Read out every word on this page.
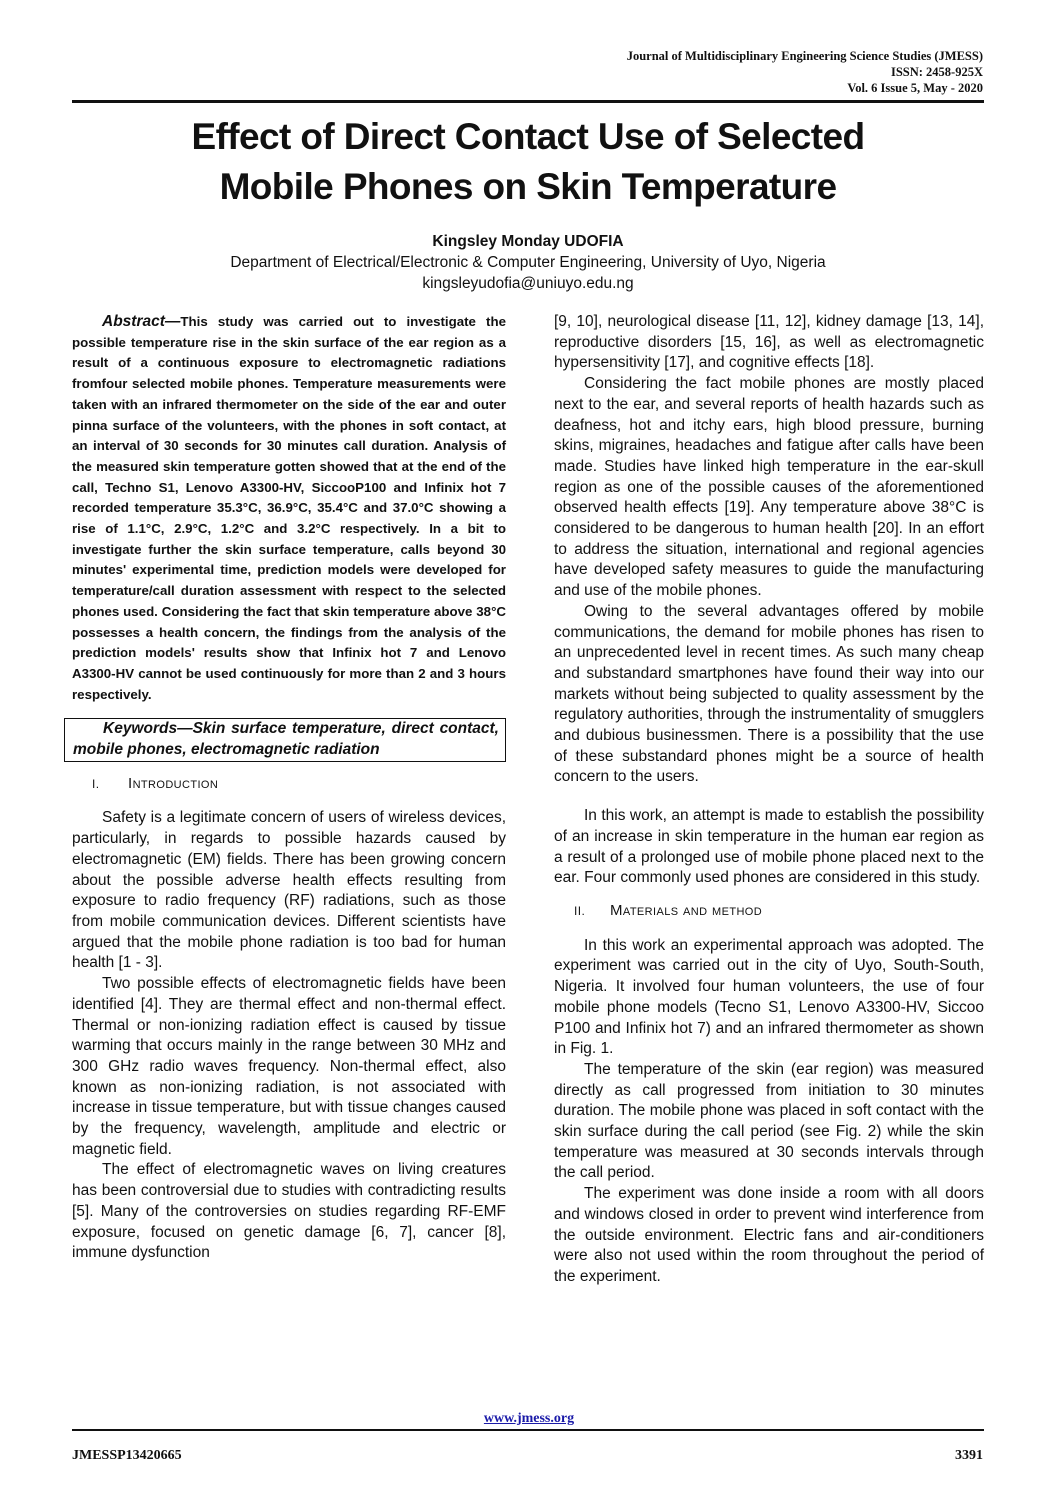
Journal of Multidisciplinary Engineering Science Studies (JMESS)
ISSN: 2458-925X
Vol. 6 Issue 5, May - 2020
Effect of Direct Contact Use of Selected
Mobile Phones on Skin Temperature
Kingsley Monday UDOFIA
Department of Electrical/Electronic & Computer Engineering, University of Uyo, Nigeria
kingsleyudofia@uniuyo.edu.ng

Abstract—This study was carried out to investigate the possible temperature rise in the skin surface of the ear region as a result of a continuous exposure to electromagnetic radiations fromfour selected mobile phones. Temperature measurements were taken with an infrared thermometer on the side of the ear and outer pinna surface of the volunteers, with the phones in soft contact, at an interval of 30 seconds for 30 minutes call duration. Analysis of the measured skin temperature gotten showed that at the end of the call, Techno S1, Lenovo A3300-HV, SiccooP100 and Infinix hot 7 recorded temperature 35.3°C, 36.9°C, 35.4°C and 37.0°C showing a rise of 1.1°C, 2.9°C, 1.2°C and 3.2°C respectively. In a bit to investigate further the skin surface temperature, calls beyond 30 minutes' experimental time, prediction models were developed for temperature/call duration assessment with respect to the selected phones used. Considering the fact that skin temperature above 38°C possesses a health concern, the findings from the analysis of the prediction models' results show that Infinix hot 7 and Lenovo A3300-HV cannot be used continuously for more than 2 and 3 hours respectively.

Keywords—Skin surface temperature, direct contact, mobile phones, electromagnetic radiation
I. Introduction

Safety is a legitimate concern of users of wireless devices, particularly, in regards to possible hazards caused by electromagnetic (EM) fields. There has been growing concern about the possible adverse health effects resulting from exposure to radio frequency (RF) radiations, such as those from mobile communication devices. Different scientists have argued that the mobile phone radiation is too bad for human health [1 - 3].

Two possible effects of electromagnetic fields have been identified [4]. They are thermal effect and non-thermal effect. Thermal or non-ionizing radiation effect is caused by tissue warming that occurs mainly in the range between 30 MHz and 300 GHz radio waves frequency. Non-thermal effect, also known as non-ionizing radiation, is not associated with increase in tissue temperature, but with tissue changes caused by the frequency, wavelength, amplitude and electric or magnetic field.

The effect of electromagnetic waves on living creatures has been controversial due to studies with contradicting results [5]. Many of the controversies on studies regarding RF-EMF exposure, focused on genetic damage [6, 7], cancer [8], immune dysfunction

[9, 10], neurological disease [11, 12], kidney damage [13, 14], reproductive disorders [15, 16], as well as electromagnetic hypersensitivity [17], and cognitive effects [18].

Considering the fact mobile phones are mostly placed next to the ear, and several reports of health hazards such as deafness, hot and itchy ears, high blood pressure, burning skins, migraines, headaches and fatigue after calls have been made. Studies have linked high temperature in the ear-skull region as one of the possible causes of the aforementioned observed health effects [19]. Any temperature above 38°C is considered to be dangerous to human health [20]. In an effort to address the situation, international and regional agencies have developed safety measures to guide the manufacturing and use of the mobile phones.

Owing to the several advantages offered by mobile communications, the demand for mobile phones has risen to an unprecedented level in recent times. As such many cheap and substandard smartphones have found their way into our markets without being subjected to quality assessment by the regulatory authorities, through the instrumentality of smugglers and dubious businessmen. There is a possibility that the use of these substandard phones might be a source of health concern to the users.

In this work, an attempt is made to establish the possibility of an increase in skin temperature in the human ear region as a result of a prolonged use of mobile phone placed next to the ear. Four commonly used phones are considered in this study.

II. Materials and method

In this work an experimental approach was adopted. The experiment was carried out in the city of Uyo, South-South, Nigeria. It involved four human volunteers, the use of four mobile phone models (Tecno S1, Lenovo A3300-HV, Siccoo P100 and Infinix hot 7) and an infrared thermometer as shown in Fig. 1.

The temperature of the skin (ear region) was measured directly as call progressed from initiation to 30 minutes duration. The mobile phone was placed in soft contact with the skin surface during the call period (see Fig. 2) while the skin temperature was measured at 30 seconds intervals through the call period.

The experiment was done inside a room with all doors and windows closed in order to prevent wind interference from the outside environment. Electric fans and air-conditioners were also not used within the room throughout the period of the experiment.

www.jmess.org
JMESSP13420665	3391
